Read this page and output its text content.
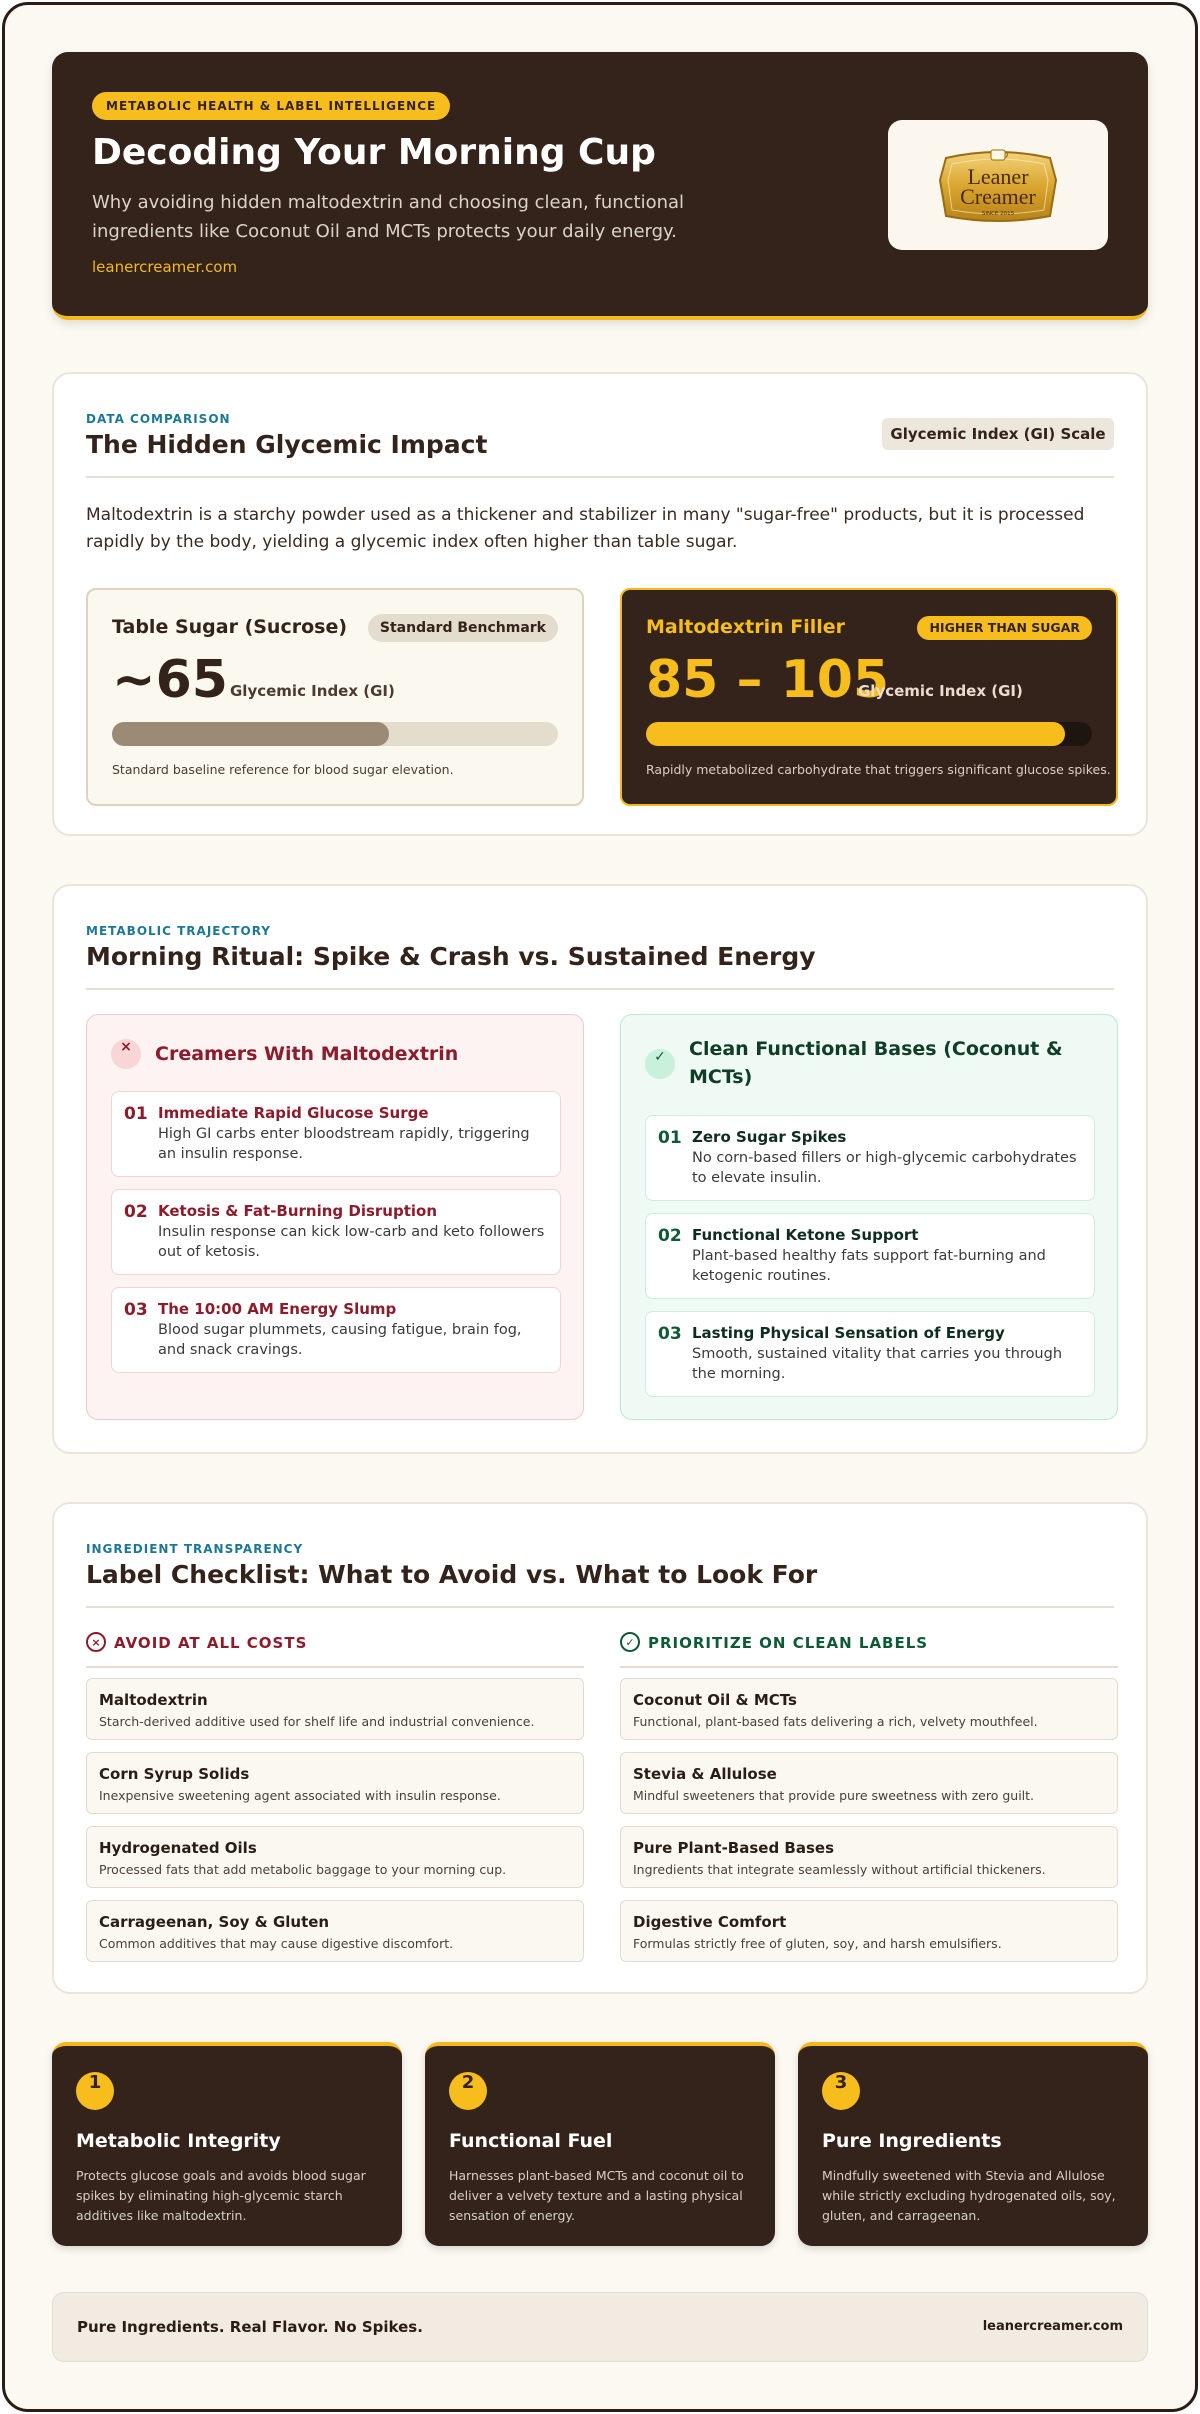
METABOLIC HEALTH & LABEL INTELLIGENCE
Decoding Your Morning Cup
Why avoiding hidden maltodextrin and choosing clean, functional ingredients like Coconut Oil and MCTs protects your daily energy.
leanercreamer.com
Leaner
Creamer
SINCE 2015
DATA COMPARISON
The Hidden Glycemic Impact	Glycemic Index (GI) Scale
Maltodextrin is a starchy powder used as a thickener and stabilizer in many "sugar-free" products, but it is processed rapidly by the body, yielding a glycemic index often higher than table sugar.
Table Sugar (Sucrose)	Standard Benchmark
~65 Glycemic Index (GI)
Standard baseline reference for blood sugar elevation.
Maltodextrin Filler	HIGHER THAN SUGAR
85 – 105
Glycemic Index (GI)
Rapidly metabolized carbohydrate that triggers significant glucose spikes.
METABOLIC TRAJECTORY
Morning Ritual: Spike & Crash vs. Sustained Energy
×	Creamers With Maltodextrin
01 Immediate Rapid Glucose Surge
High GI carbs enter bloodstream rapidly, triggering an insulin response.
02 Ketosis & Fat-Burning Disruption
Insulin response can kick low-carb and keto followers out of ketosis.
03 The 10:00 AM Energy Slump
Blood sugar plummets, causing fatigue, brain fog, and snack cravings.
✓	Clean Functional Bases (Coconut & MCTs)
01 Zero Sugar Spikes
No corn-based fillers or high-glycemic carbohydrates to elevate insulin.
02 Functional Ketone Support
Plant-based healthy fats support fat-burning and ketogenic routines.
03 Lasting Physical Sensation of Energy
Smooth, sustained vitality that carries you through the morning.
INGREDIENT TRANSPARENCY
Label Checklist: What to Avoid vs. What to Look For
× AVOID AT ALL COSTS	✓ PRIORITIZE ON CLEAN LABELS
Maltodextrin
Starch-derived additive used for shelf life and industrial convenience.
Corn Syrup Solids
Inexpensive sweetening agent associated with insulin response.
Hydrogenated Oils
Processed fats that add metabolic baggage to your morning cup.
Carrageenan, Soy & Gluten
Common additives that may cause digestive discomfort.
Coconut Oil & MCTs
Functional, plant-based fats delivering a rich, velvety mouthfeel.
Stevia & Allulose
Mindful sweeteners that provide pure sweetness with zero guilt.
Pure Plant-Based Bases
Ingredients that integrate seamlessly without artificial thickeners.
Digestive Comfort
Formulas strictly free of gluten, soy, and harsh emulsifiers.
1
Metabolic Integrity
Protects glucose goals and avoids blood sugar spikes by eliminating high-glycemic starch additives like maltodextrin.
2
Functional Fuel
Harnesses plant-based MCTs and coconut oil to deliver a velvety texture and a lasting physical sensation of energy.
3
Pure Ingredients
Mindfully sweetened with Stevia and Allulose while strictly excluding hydrogenated oils, soy, gluten, and carrageenan.
Pure Ingredients. Real Flavor. No Spikes.	leanercreamer.com
